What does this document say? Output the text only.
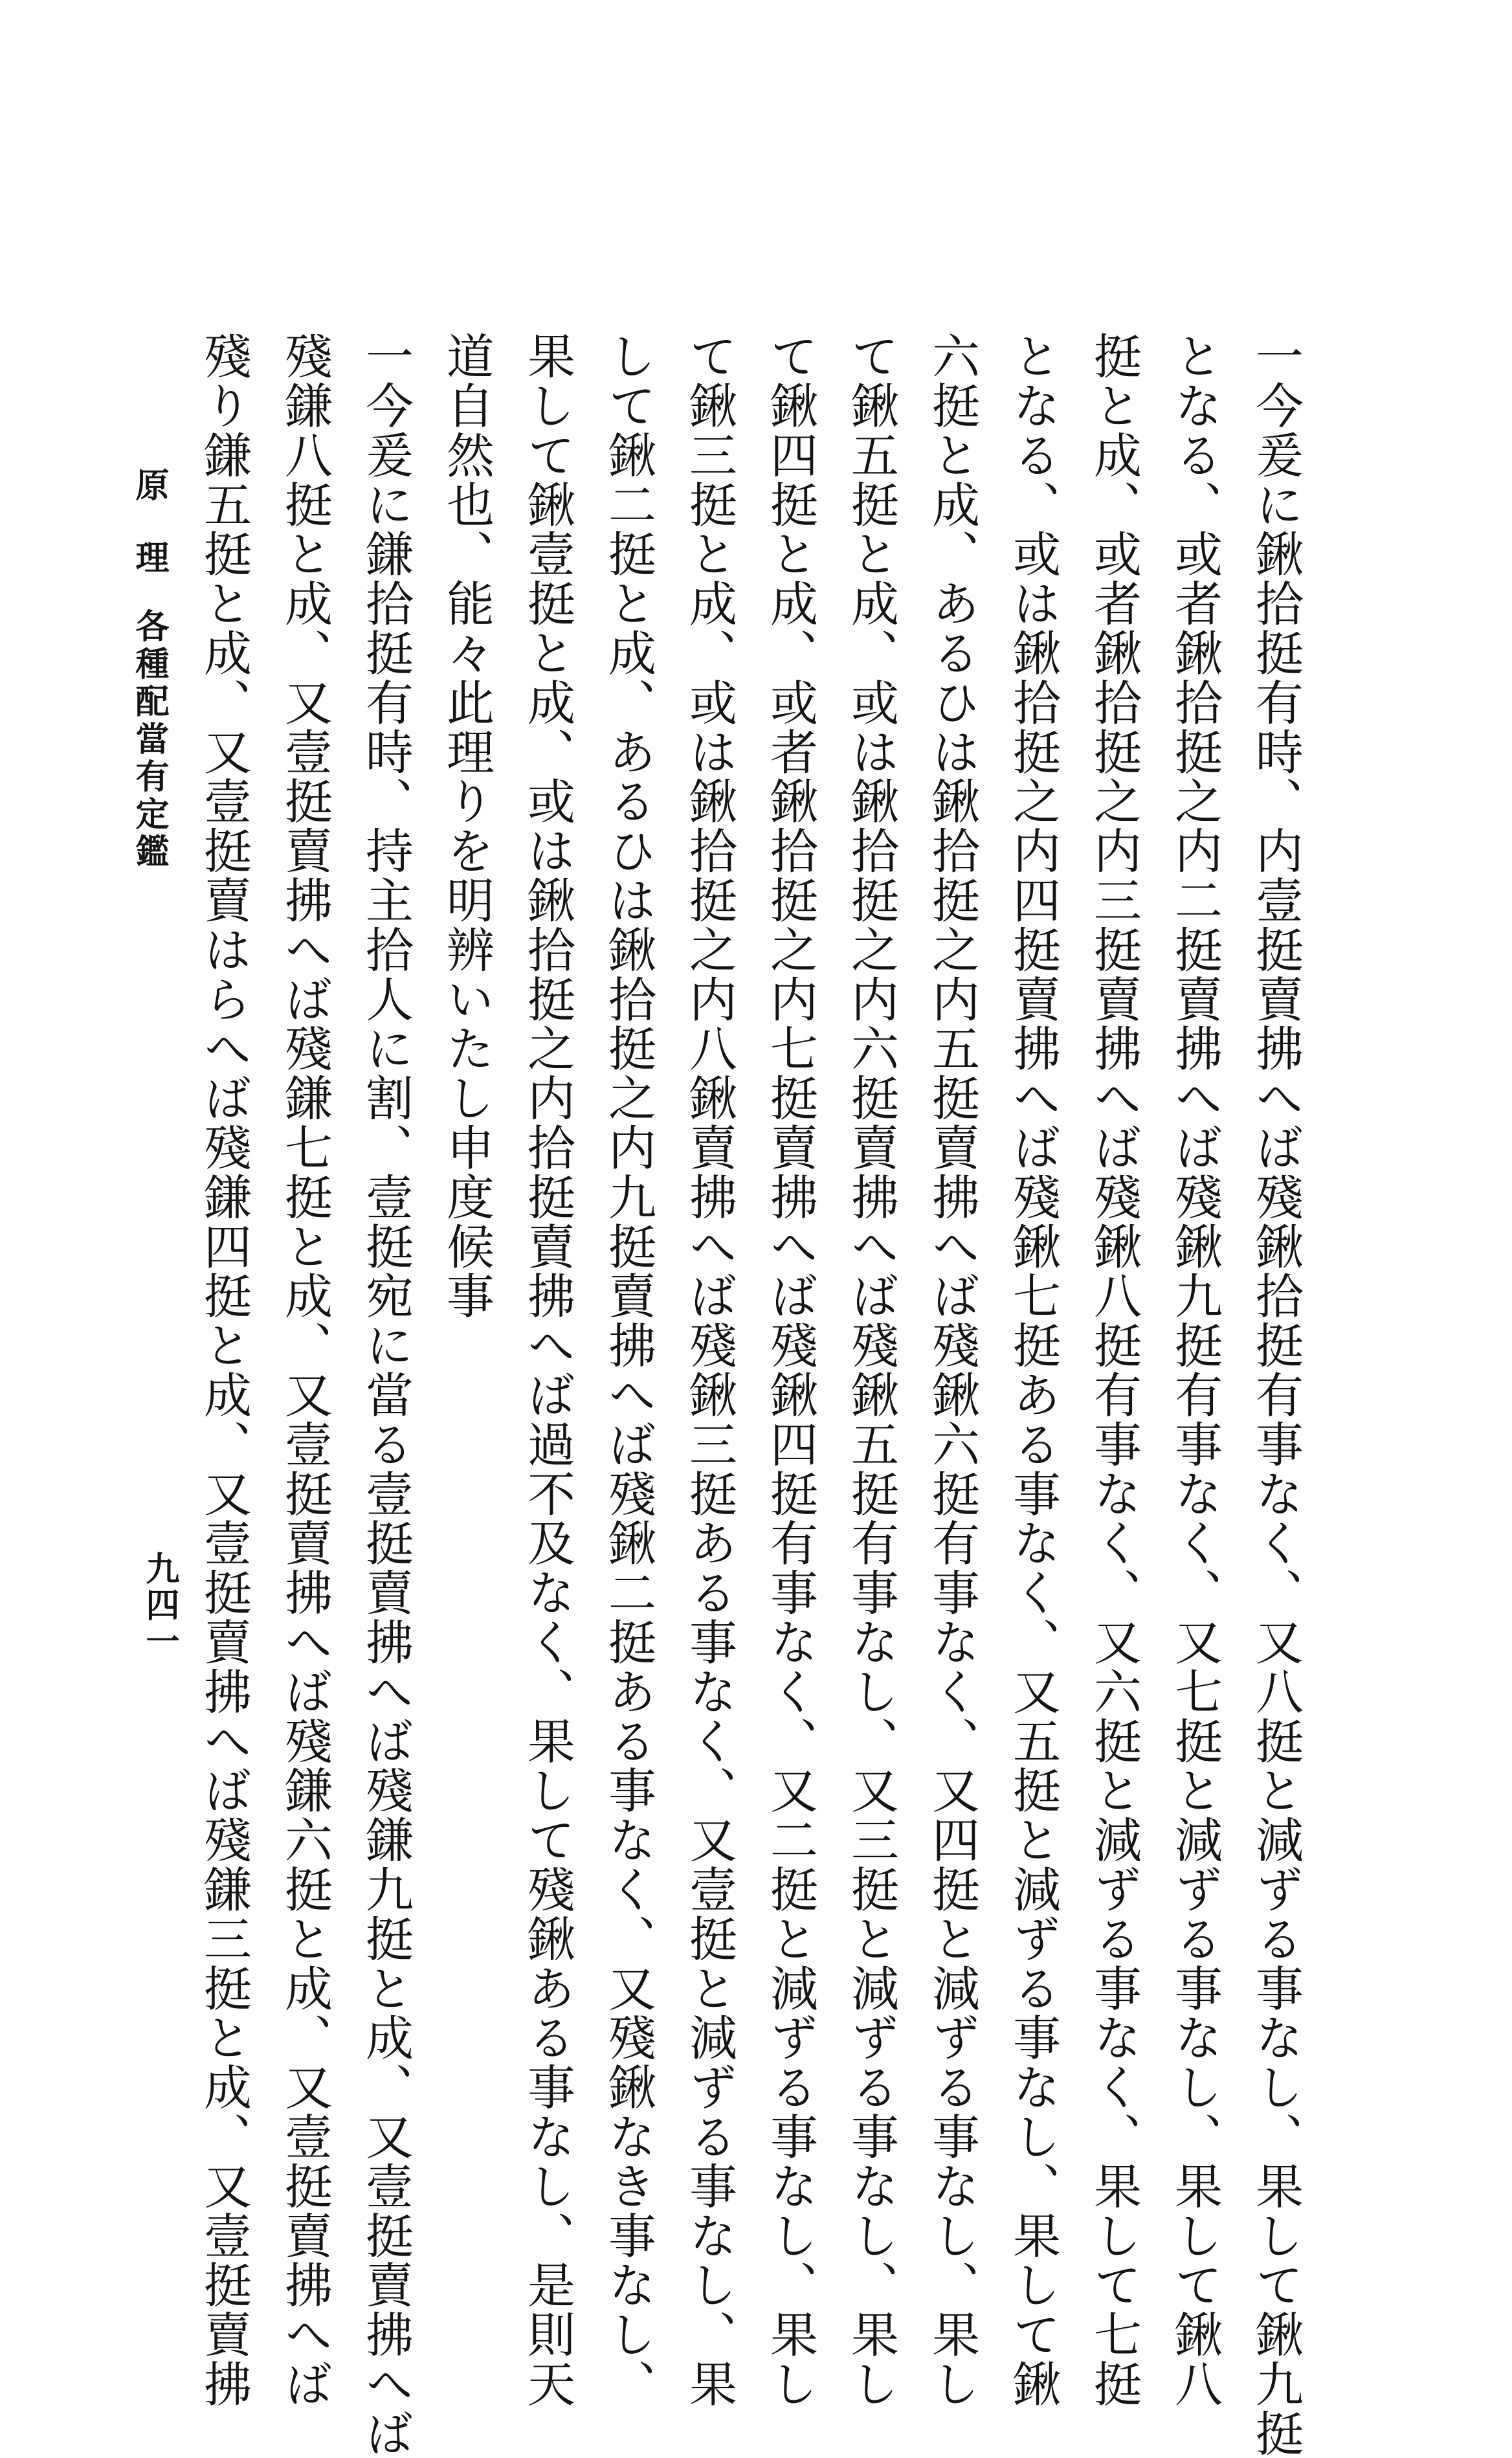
一今爰に鍬拾挺有時、内壹挺賣拂へば殘鍬拾挺有事なく、又八挺と減ずる事なし、果して鍬九挺
となる、或者鍬拾挺之内二挺賣拂へば殘鍬九挺有事なく、又七挺と減ずる事なし、果して鍬八
挺と成、或者鍬拾挺之内三挺賣拂へば殘鍬八挺有事なく、又六挺と減ずる事なく、果して七挺
となる、或は鍬拾挺之内四挺賣拂へば殘鍬七挺ある事なく、又五挺と減ずる事なし、果して鍬
六挺と成、あるひは鍬拾挺之内五挺賣拂へば殘鍬六挺有事なく、又四挺と減ずる事なし、果し
て鍬五挺と成、或は鍬拾挺之内六挺賣拂へば殘鍬五挺有事なし、又三挺と減ずる事なし、果し
て鍬四挺と成、或者鍬拾挺之内七挺賣拂へば殘鍬四挺有事なく、又二挺と減ずる事なし、果し
て鍬三挺と成、或は鍬拾挺之内八鍬賣拂へば殘鍬三挺ある事なく、又壹挺と減ずる事なし、果
して鍬二挺と成、あるひは鍬拾挺之内九挺賣拂へば殘鍬二挺ある事なく、又殘鍬なき事なし、
果して鍬壹挺と成、或は鍬拾挺之内拾挺賣拂へば過不及なく、果して殘鍬ある事なし、是則天
道自然也、能々此理りを明辨いたし申度候事
一今爰に鎌拾挺有時、持主拾人に割、壹挺宛に當る壹挺賣拂へば殘鎌九挺と成、又壹挺賣拂へば
殘鎌八挺と成、又壹挺賣拂へば殘鎌七挺と成、又壹挺賣拂へば殘鎌六挺と成、又壹挺賣拂へば
殘り鎌五挺と成、又壹挺賣はらへば殘鎌四挺と成、又壹挺賣拂へば殘鎌三挺と成、又壹挺賣拂
原理
各種配當有定鑑
九四一
